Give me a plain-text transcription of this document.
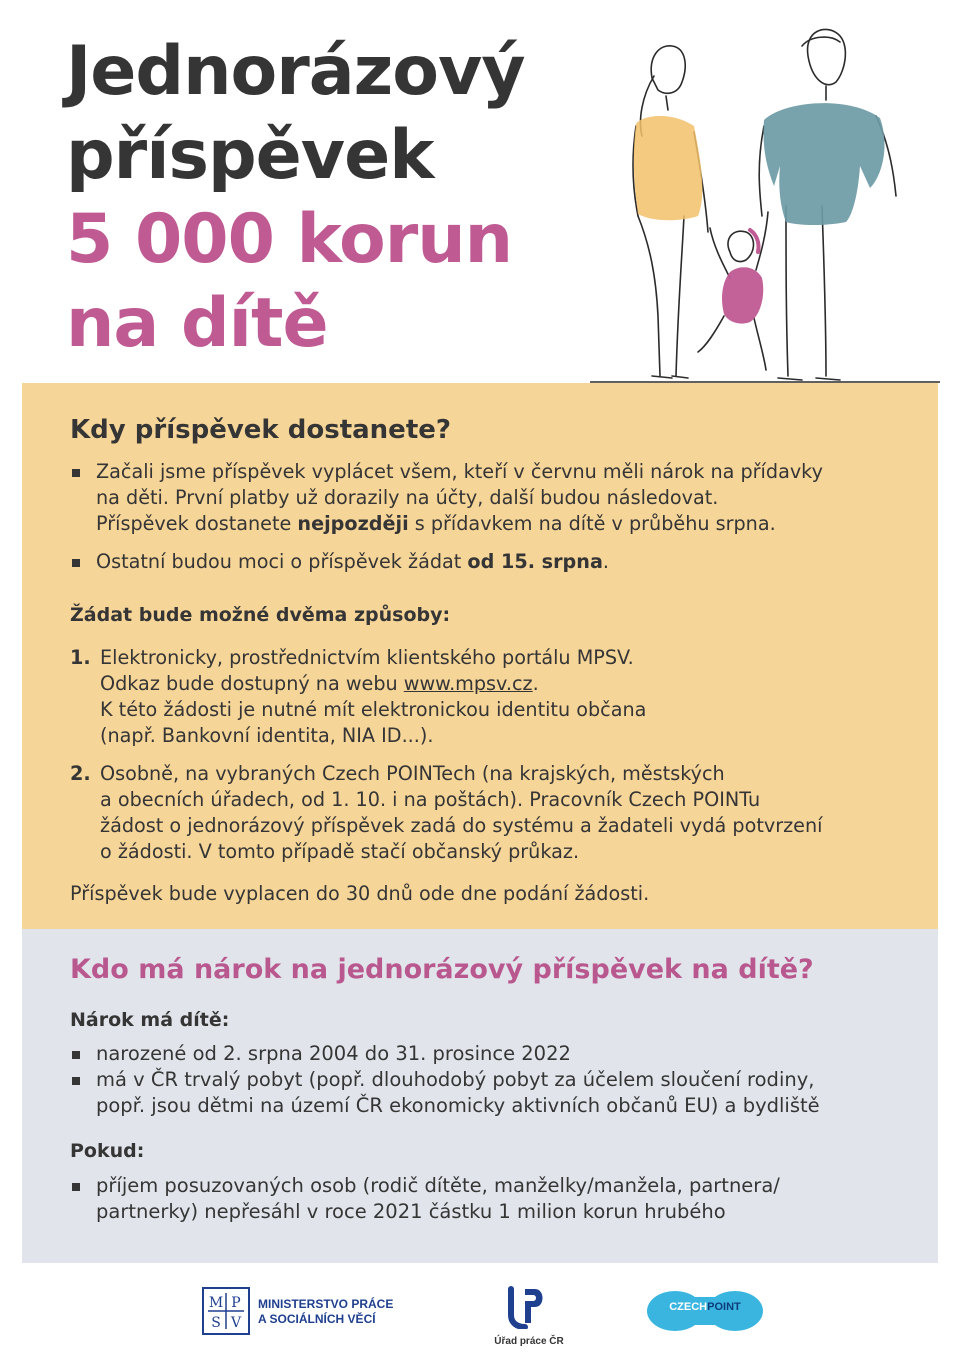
Jednorázový
příspěvek
5 000 korun
na dítě
Kdy příspěvek dostanete?
Začali jsme příspěvek vyplácet všem, kteří v červnu měli nárok na přídavky
na děti. První platby už dorazily na účty, další budou následovat.
Příspěvek dostanete nejpozději s přídavkem na dítě v průběhu srpna.
Ostatní budou moci o příspěvek žádat od 15. srpna.

Žádat bude možné dvěma způsoby:

1. Elektronicky, prostřednictvím klientského portálu MPSV.
Odkaz bude dostupný na webu www.mpsv.cz.
K této žádosti je nutné mít elektronickou identitu občana
(např. Bankovní identita, NIA ID...).
2. Osobně, na vybraných Czech POINTech (na krajských, městských
a obecních úřadech, od 1. 10. i na poštách). Pracovník Czech POINTu
žádost o jednorázový příspěvek zadá do systému a žadateli vydá potvrzení
o žádosti. V tomto případě stačí občanský průkaz.

Příspěvek bude vyplacen do 30 dnů ode dne podání žádosti.

Kdo má nárok na jednorázový příspěvek na dítě?

Nárok má dítě:

narozené od 2. srpna 2004 do 31. prosince 2022
má v ČR trvalý pobyt (popř. dlouhodobý pobyt za účelem sloučení rodiny,
popř. jsou dětmi na území ČR ekonomicky aktivních občanů EU) a bydliště

Pokud:

příjem posuzovaných osob (rodič dítěte, manželky/manžela, partnera/
partnerky) nepřesáhl v roce 2021 částku 1 milion korun hrubého
M P
S V

MINISTERSTVO PRÁCE
A SOCIÁLNÍCH VĚCÍ

Úřad práce ČR

CZECHPOINT
